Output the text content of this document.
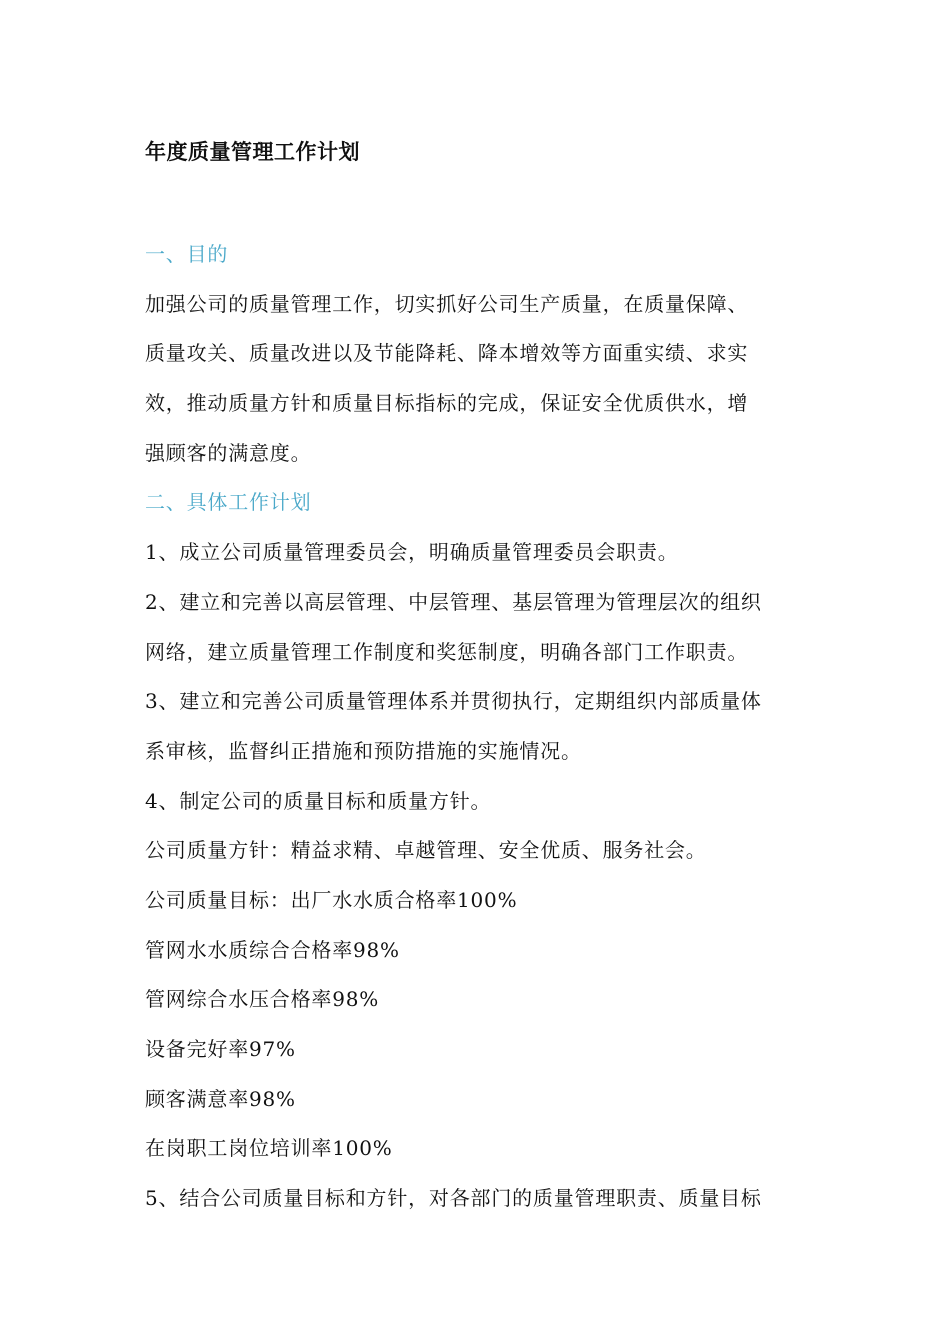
年度质量管理工作计划
一、目的
加强公司的质量管理工作，切实抓好公司生产质量，在质量保障、
质量攻关、质量改进以及节能降耗、降本增效等方面重实绩、求实
效，推动质量方针和质量目标指标的完成，保证安全优质供水，增
强顾客的满意度。
二、具体工作计划
1、成立公司质量管理委员会，明确质量管理委员会职责。
2、建立和完善以高层管理、中层管理、基层管理为管理层次的组织
网络，建立质量管理工作制度和奖惩制度，明确各部门工作职责。
3、建立和完善公司质量管理体系并贯彻执行，定期组织内部质量体
系审核，监督纠正措施和预防措施的实施情况。
4、制定公司的质量目标和质量方针。
公司质量方针：精益求精、卓越管理、安全优质、服务社会。
公司质量目标：出厂水水质合格率100%
管网水水质综合合格率98%
管网综合水压合格率98%
设备完好率97%
顾客满意率98%
在岗职工岗位培训率100%
5、结合公司质量目标和方针，对各部门的质量管理职责、质量目标
